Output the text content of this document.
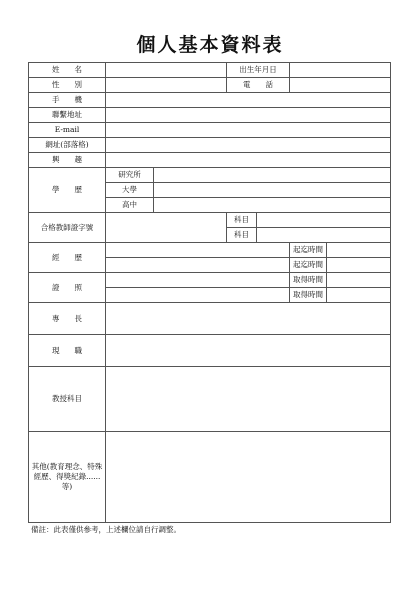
個人基本資料表
姓　　名			出生年月日			
性　　別			電　　話			
手　　機						
聯繫地址						
E-mail						
網址(部落格)						
興　　趣						
學　　歷	研究所					
	大學					
	高中					
合格教師證字號			科目			
			科目			
經　　歷					起迄時間	
					起迄時間	
證　　照					取得時間	
					取得時間	
專　　長						
現　　職						
教授科目						
其他(教育理念、特殊經歷、得獎紀錄......等)						
備註：此表僅供參考，上述欄位請自行調整。
